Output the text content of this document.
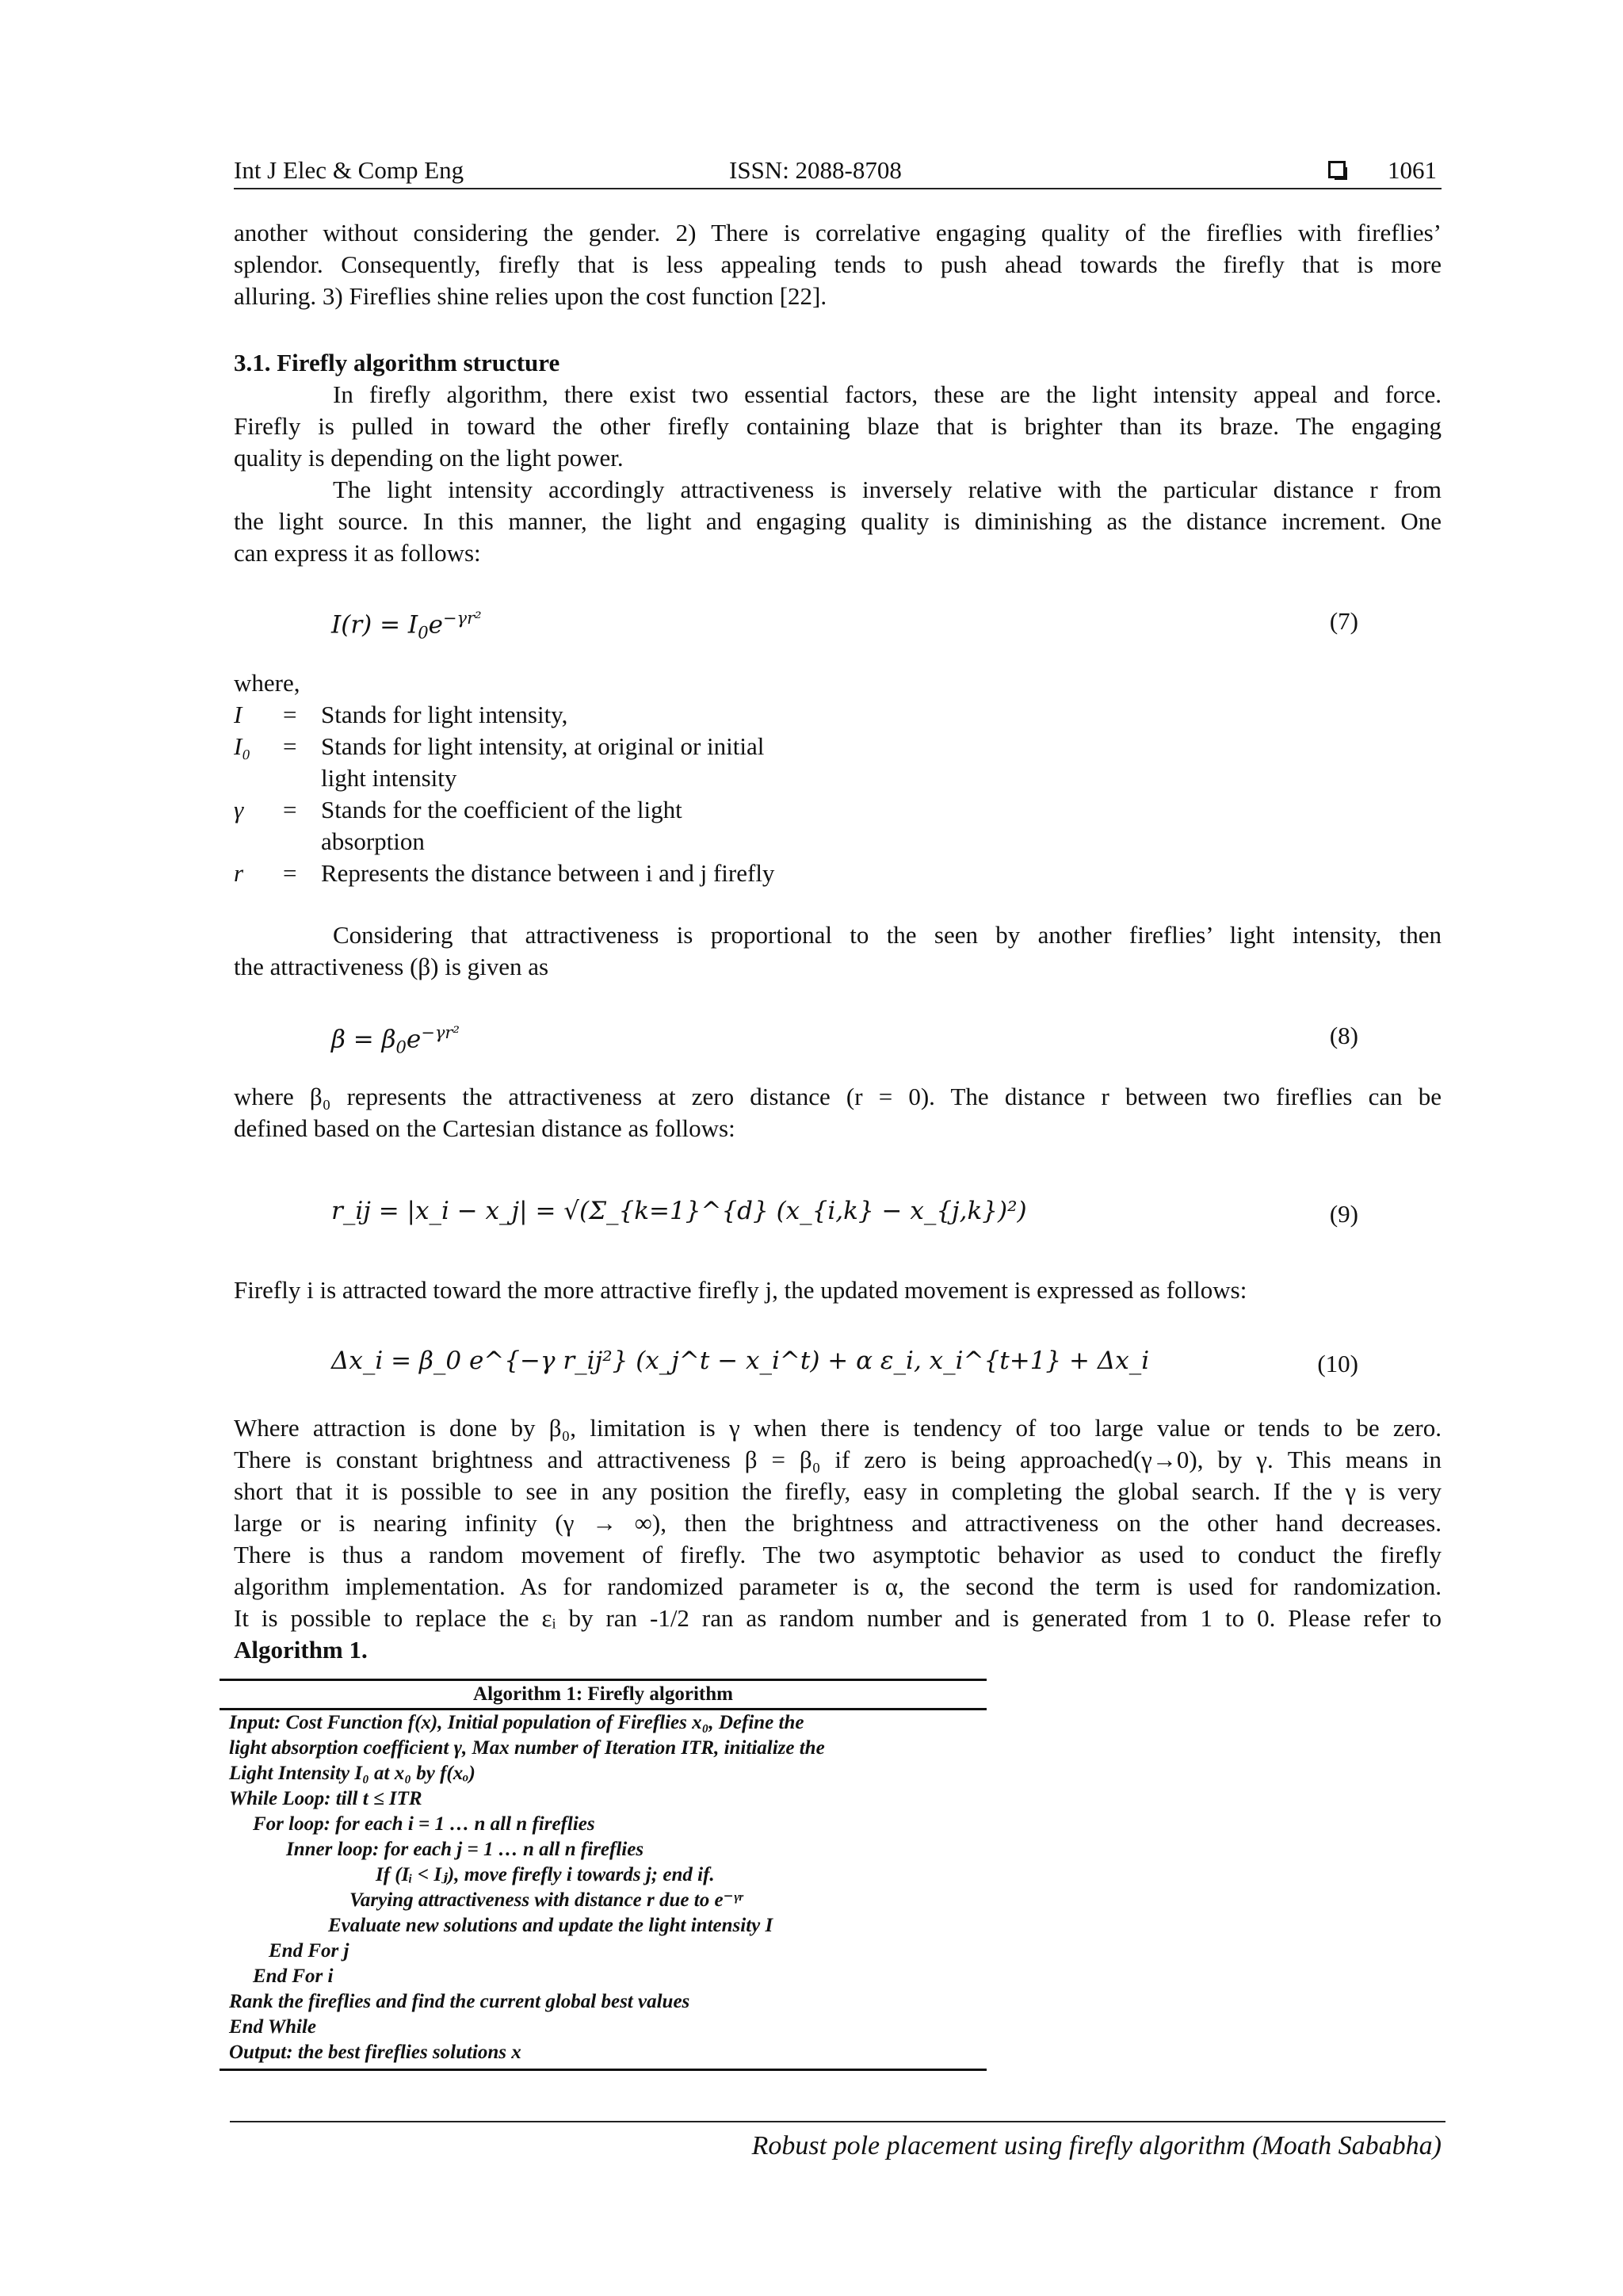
Int J Elec & Comp Eng	ISSN: 2088-8708	1061

another without considering the gender. 2) There is correlative engaging quality of the fireflies with fireflies’

splendor. Consequently, firefly that is less appealing tends to push ahead towards the firefly that is more

alluring. 3) Fireflies shine relies upon the cost function [22].

3.1. Firefly algorithm structure

In firefly algorithm, there exist two essential factors, these are the light intensity appeal and force.

Firefly is pulled in toward the other firefly containing blaze that is brighter than its braze. The engaging

quality is depending on the light power.

The light intensity accordingly attractiveness is inversely relative with the particular distance r from

the light source. In this manner, the light and engaging quality is diminishing as the distance increment. One

can express it as follows:

$I(r) = I_0e^{-\gamma r^2}$	(7)
where,
I = Stands for light intensity,
I₀ = Stands for light intensity, at original or initial
light intensity
γ = Stands for the coefficient of the light
absorption
r = Represents the distance between i and j firefly

Considering that attractiveness is proportional to the seen by another fireflies’ light intensity, then

the attractiveness (β) is given as

$\beta = \beta_0e^{-\gamma r^2}$	(8)

where β₀ represents the attractiveness at zero distance (r = 0). The distance r between two fireflies can be

defined based on the Cartesian distance as follows:

r_ij = |x_i − x_j| = √(Σ_{k=1}^{d} (x_{i,k} − x_{j,k})²)	(9)
Firefly i is attracted toward the more attractive firefly j, the updated movement is expressed as follows:
Δx_i = β_0 e^{−γ r_ij²} (x_j^t − x_i^t) + α ε_i, x_i^{t+1} + Δx_i	(10)

Where attraction is done by β₀, limitation is γ when there is tendency of too large value or tends to be zero.

There is constant brightness and attractiveness β = β₀ if zero is being approached(γ→0), by γ. This means in

short that it is possible to see in any position the firefly, easy in completing the global search. If the γ is very

large or is nearing infinity (γ → ∞), then the brightness and attractiveness on the other hand decreases.

There is thus a random movement of firefly. The two asymptotic behavior as used to conduct the firefly

algorithm implementation. As for randomized parameter is α, the second the term is used for randomization.

It is possible to replace the εᵢ by ran -1/2 ran as random number and is generated from 1 to 0. Please refer to

Algorithm 1.

Algorithm 1: Firefly algorithm
Input: Cost Function f(x), Initial population of Fireflies x₀, Define the
light absorption coefficient γ, Max number of Iteration ITR, initialize the
Light Intensity I₀ at x₀ by f(xₒ)
While Loop: till t ≤ ITR
For loop: for each i = 1 … n all n fireflies
Inner loop: for each j = 1 … n all n fireflies
If (Iᵢ < Iⱼ), move firefly i towards j; end if.
Varying attractiveness with distance r due to e⁻ᵞʳ
Evaluate new solutions and update the light intensity I
End For j
End For i
Rank the fireflies and find the current global best values
End While
Output: the best fireflies solutions x
Robust pole placement using firefly algorithm (Moath Sababha)
